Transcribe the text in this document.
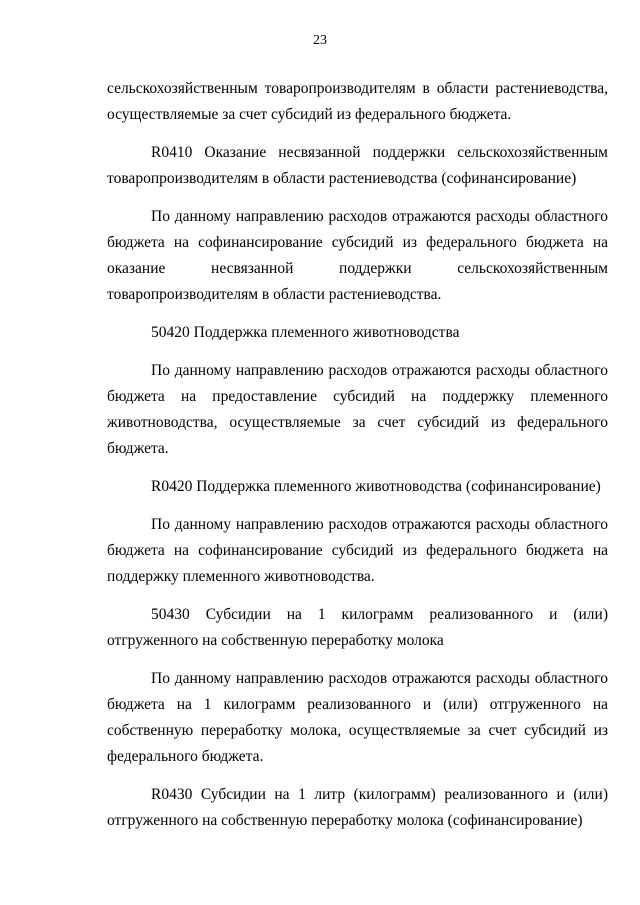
23

сельскохозяйственным товаропроизводителям в области растениеводства, осуществляемые за счет субсидий из федерального бюджета.

R0410 Оказание несвязанной поддержки сельскохозяйственным товаропроизводителям в области растениеводства (софинансирование)

По данному направлению расходов отражаются расходы областного бюджета на софинансирование субсидий из федерального бюджета на оказание несвязанной поддержки сельскохозяйственным товаропроизводителям в области растениеводства.

50420 Поддержка племенного животноводства

По данному направлению расходов отражаются расходы областного бюджета на предоставление субсидий на поддержку племенного животноводства, осуществляемые за счет субсидий из федерального бюджета.

R0420 Поддержка племенного животноводства (софинансирование)

По данному направлению расходов отражаются расходы областного бюджета на софинансирование субсидий из федерального бюджета на поддержку племенного животноводства.

50430 Субсидии на 1 килограмм реализованного и (или) отгруженного на собственную переработку молока

По данному направлению расходов отражаются расходы областного бюджета на 1 килограмм реализованного и (или) отгруженного на собственную переработку молока, осуществляемые за счет субсидий из федерального бюджета.

R0430 Субсидии на 1 литр (килограмм) реализованного и (или) отгруженного на собственную переработку молока (софинансирование)
